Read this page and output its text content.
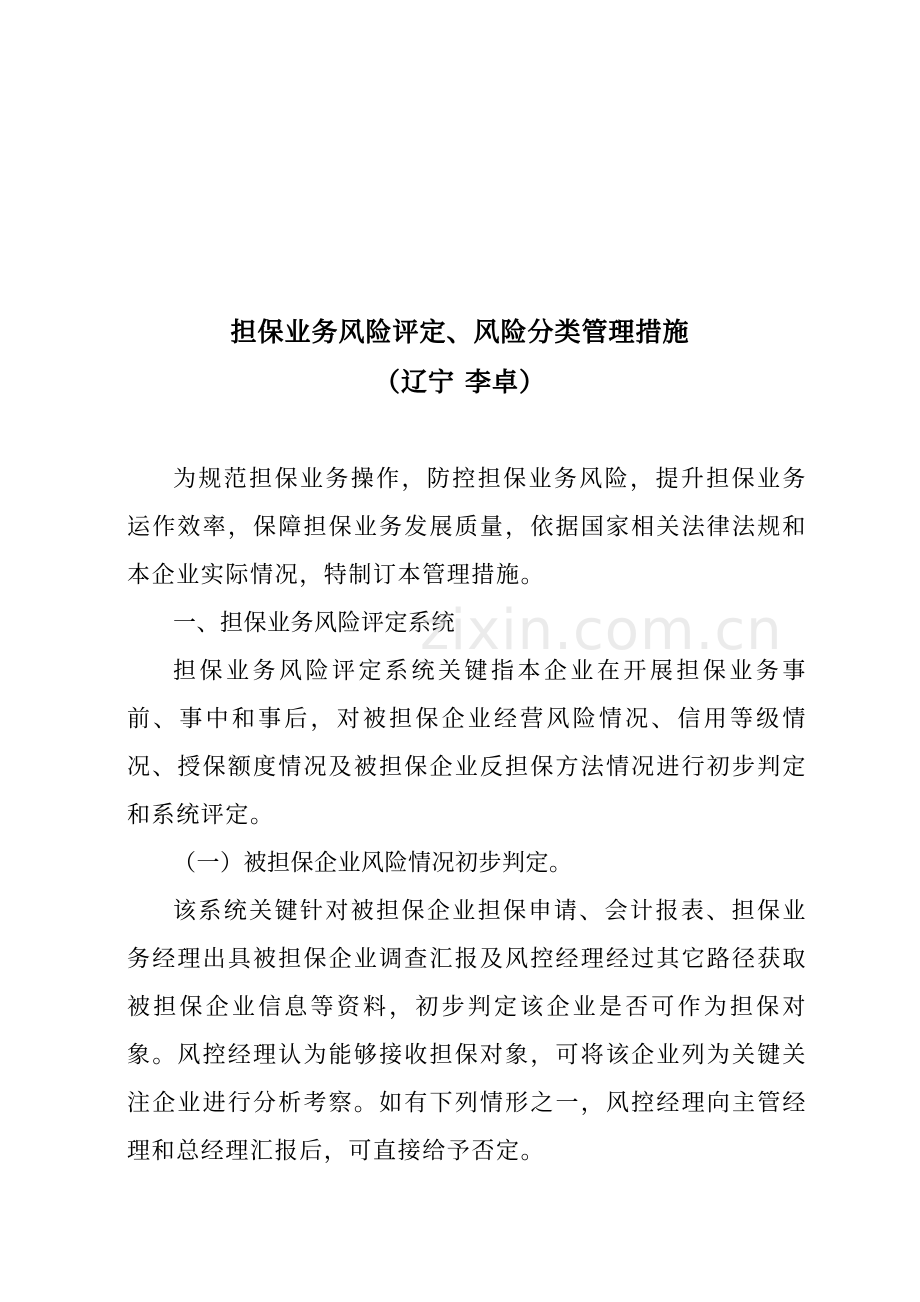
担保业务风险评定、风险分类管理措施
（辽宁 李卓）
为规范担保业务操作，防控担保业务风险，提升担保业务运作效率，保障担保业务发展质量，依据国家相关法律法规和本企业实际情况，特制订本管理措施。
一、担保业务风险评定系统
担保业务风险评定系统关键指本企业在开展担保业务事前、事中和事后，对被担保企业经营风险情况、信用等级情况、授保额度情况及被担保企业反担保方法情况进行初步判定和系统评定。
（一）被担保企业风险情况初步判定。
该系统关键针对被担保企业担保申请、会计报表、担保业务经理出具被担保企业调查汇报及风控经理经过其它路径获取被担保企业信息等资料，初步判定该企业是否可作为担保对象。风控经理认为能够接收担保对象，可将该企业列为关键关注企业进行分析考察。如有下列情形之一，风控经理向主管经理和总经理汇报后，可直接给予否定。
zixin.com.cn
